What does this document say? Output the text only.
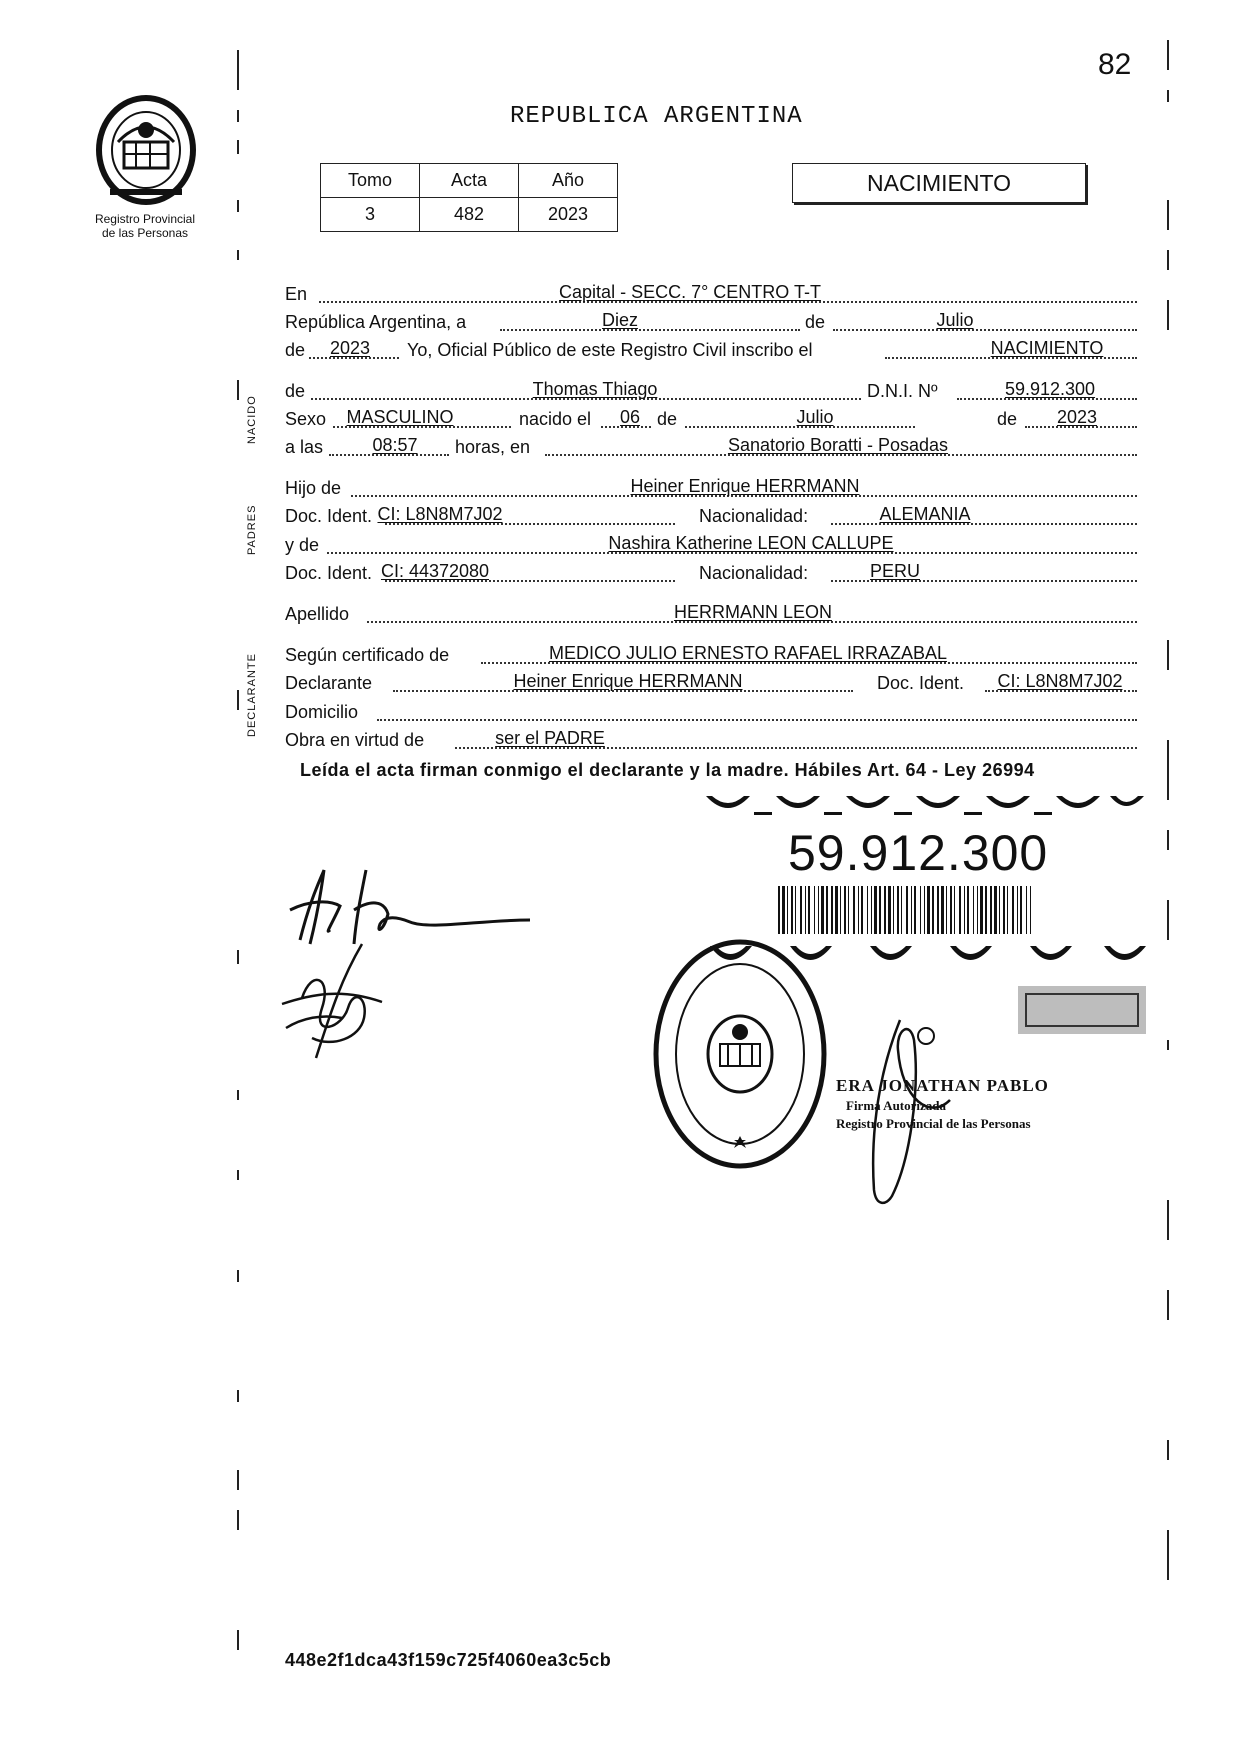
82
Registro Provincial
de las Personas
REPUBLICA ARGENTINA
Tomo	Acta	Año
3	482	2023
NACIMIENTO
NACIDO
PADRES
DECLARANTE
En	Capital - SECC. 7° CENTRO T-T
República Argentina, a	Diez	de	Julio
de 2023 Yo, Oficial Público de este Registro Civil inscribo el	NACIMIENTO
de	Thomas Thiago	D.N.I. Nº	59.912.300
Sexo MASCULINO	nacido el 06 de	Julio	de 2023
a las	08:57 horas, en	Sanatorio Boratti - Posadas
Hijo de	Heiner Enrique HERRMANN
Doc. Ident. CI: L8N8M7J02	Nacionalidad:	ALEMANIA
y de	Nashira Katherine LEON CALLUPE
Doc. Ident. CI: 44372080	Nacionalidad:	PERU
Apellido	HERRMANN LEON
Según certificado de	MEDICO JULIO ERNESTO RAFAEL IRRAZABAL
Declarante	Heiner Enrique HERRMANN	Doc. Ident. CI: L8N8M7J02
Domicilio
Obra en virtud de	ser el PADRE
Leída el acta firman conmigo el declarante y la madre. Hábiles Art. 64 - Ley 26994
59.912.300
ERA JONATHAN PABLO
Firma Autorizada
Registro Provincial de las Personas
448e2f1dca43f159c725f4060ea3c5cb
